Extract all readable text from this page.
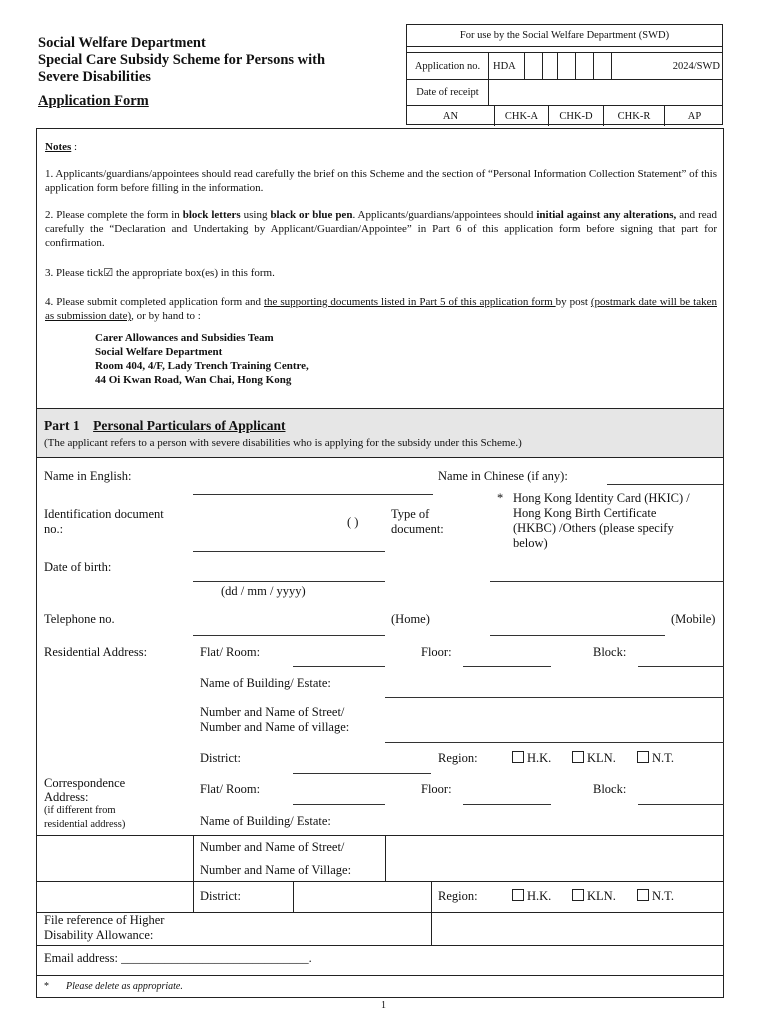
Social Welfare Department
Special Care Subsidy Scheme for Persons with
Severe Disabilities
Application Form
For use by the Social Welfare Department (SWD)
Application no.	HDA	2024/SWD
Date of receipt
AN	CHK-A	CHK-D	CHK-R	AP
Notes :
1. Applicants/guardians/appointees should read carefully the brief on this Scheme and the section of “Personal Information Collection Statement” of this application form before filling in the information.
2. Please complete the form in block letters using black or blue pen. Applicants/guardians/appointees should initial against any alterations, and read carefully the “Declaration and Undertaking by Applicant/Guardian/Appointee” in Part 6 of this application form before signing that part for confirmation.
3. Please tick☑ the appropriate box(es) in this form.
4. Please submit completed application form and the supporting documents listed in Part 5 of this application form by post (postmark date will be taken as submission date), or by hand to :
Carer Allowances and Subsidies Team
Social Welfare Department
Room 404, 4/F, Lady Trench Training Centre,
44 Oi Kwan Road, Wan Chai, Hong Kong
Part 1 Personal Particulars of Applicant
(The applicant refers to a person with severe disabilities who is applying for the subsidy under this Scheme.)
Name in English:	Name in Chinese (if any):
Identification document
no.:	( )
Type of
document:
* Hong Kong Identity Card (HKIC) /
Hong Kong Birth Certificate
(HKBC) /Others (please specify
below)
Date of birth:
(dd / mm / yyyy)
Telephone no.	(Home)	(Mobile)
Residential Address:	Flat/ Room:	Floor:	Block:
Name of Building/ Estate:
Number and Name of Street/
Number and Name of village:
District:	Region:	H.K.	KLN.	N.T.
Correspondence
Address:
(if different from
residential address)
Flat/ Room:	Floor:	Block:
Name of Building/ Estate:
Number and Name of Street/
Number and Name of Village:
District:	Region:	H.K.	KLN.	N.T.
File reference of Higher
Disability Allowance:
Email address: ______________________________.
* Please delete as appropriate.
1
